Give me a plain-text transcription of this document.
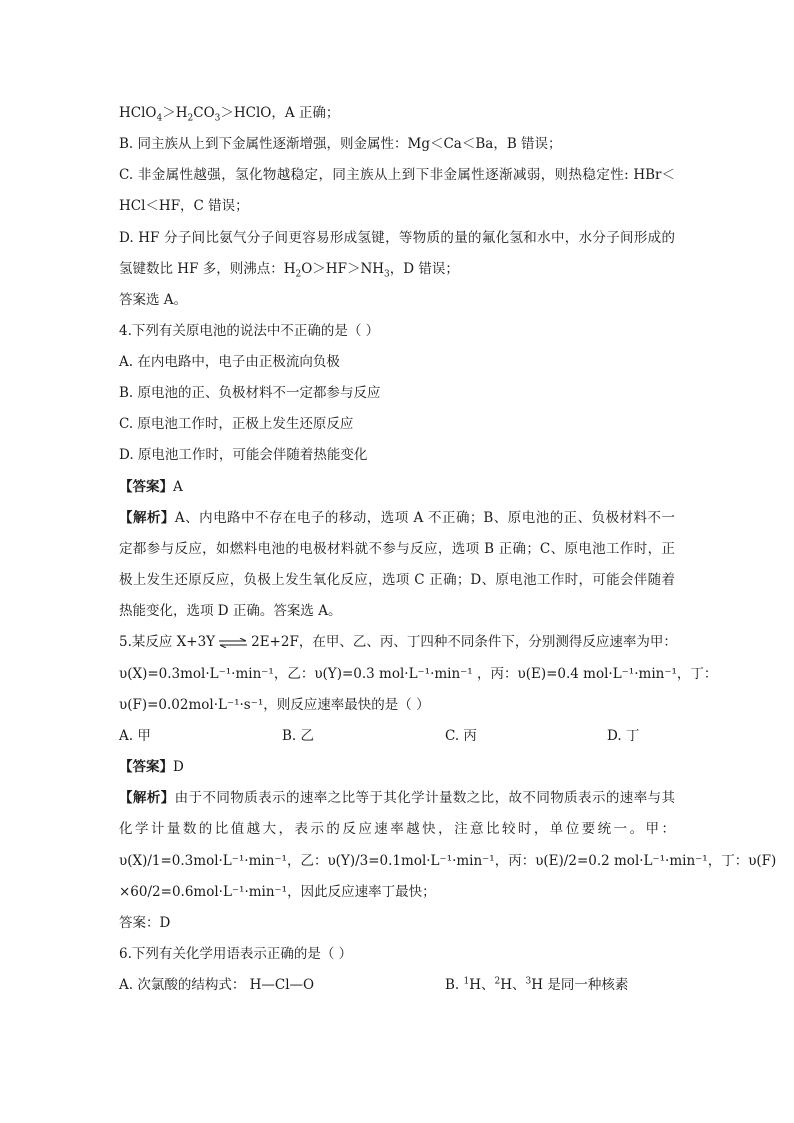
$HClO_4>H_2CO_3>HClO$，A 正确；
B. 同主族从上到下金属性逐渐增强，则金属性：Mg＜Ca＜Ba，B 错误；
C. 非金属性越强，氢化物越稳定，同主族从上到下非金属性逐渐减弱，则热稳定性: HBr＜
HCl＜HF，C 错误；
D. HF 分子间比氨气分子间更容易形成氢键，等物质的量的氟化氢和水中，水分子间形成的
氢键数比 HF 多，则沸点：$H_2O>HF>NH_3$，D 错误；
答案选 A。
4.下列有关原电池的说法中不正确的是（ ）
A. 在内电路中，电子由正极流向负极
B. 原电池的正、负极材料不一定都参与反应
C. 原电池工作时，正极上发生还原反应
D. 原电池工作时，可能会伴随着热能变化
【答案】A
【解析】A、内电路中不存在电子的移动，选项 A 不正确；B、原电池的正、负极材料不一
定都参与反应，如燃料电池的电极材料就不参与反应，选项 B 正确；C、原电池工作时，正
极上发生还原反应，负极上发生氧化反应，选项 C 正确；D、原电池工作时，可能会伴随着
热能变化，选项 D 正确。答案选 A。
5.某反应 X+3Y ⇌ 2E+2F，在甲、乙、丙、丁四种不同条件下，分别测得反应速率为甲：
υ(X)=0.3mol·L⁻¹·min⁻¹，乙：υ(Y)=0.3 mol·L⁻¹·min⁻¹ ，丙：υ(E)=0.4 mol·L⁻¹·min⁻¹，丁：
υ(F)=0.02mol·L⁻¹·s⁻¹，则反应速率最快的是（ ）
A. 甲	B. 乙	C. 丙	D. 丁
【答案】D
【解析】由于不同物质表示的速率之比等于其化学计量数之比，故不同物质表示的速率与其
化学计量数的比值越大，表示的反应速率越快，注意比较时，单位要统一。甲：
υ(X)/1=0.3mol·L⁻¹·min⁻¹，乙：υ(Y)/3=0.1mol·L⁻¹·min⁻¹，丙：υ(E)/2=0.2 mol·L⁻¹·min⁻¹，丁：υ(F)
×60/2=0.6mol·L⁻¹·min⁻¹，因此反应速率丁最快；
答案：D
6.下列有关化学用语表示正确的是（ ）
A. 次氯酸的结构式： H—Cl—O	B. $^1$H、$^2$H、$^3$H 是同一种核素
